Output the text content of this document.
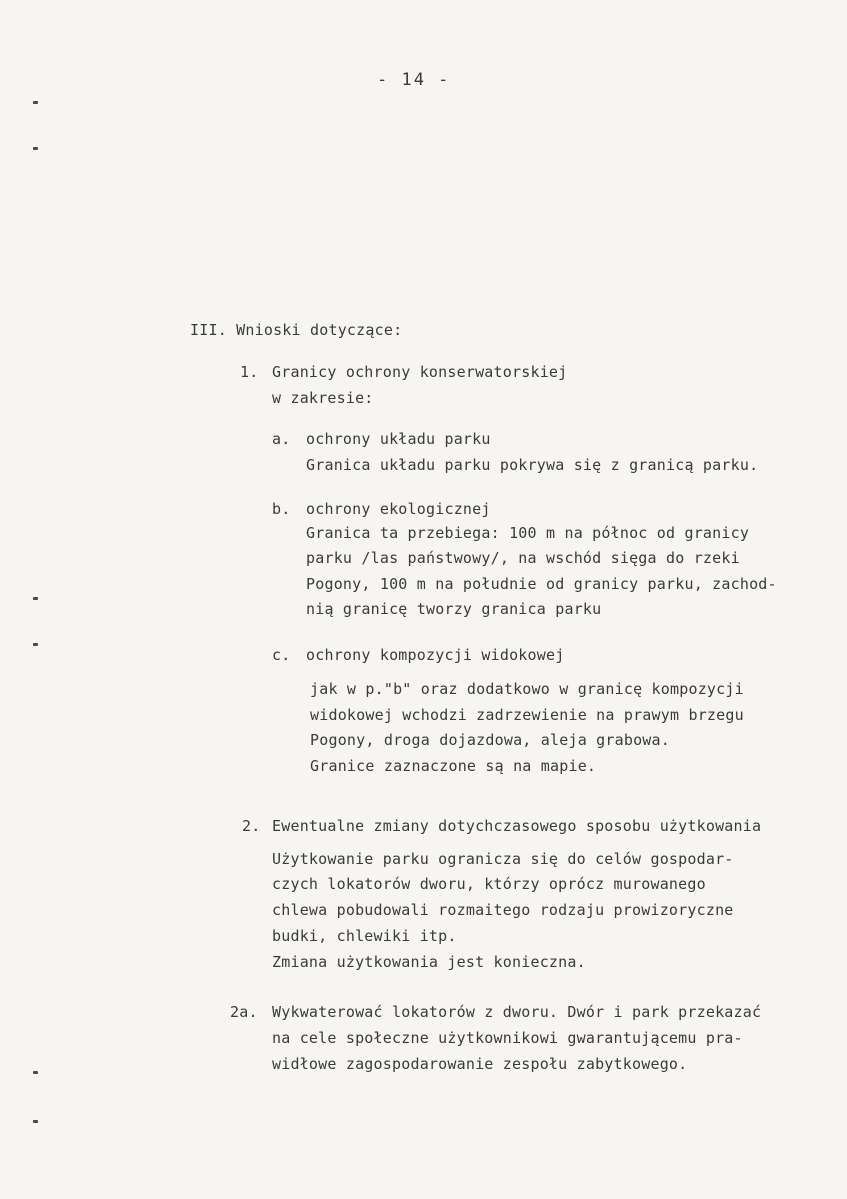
- 14 -
III. Wnioski dotyczące:
1. Granicy ochrony konserwatorskiej
w zakresie:
a. ochrony układu parku
Granica układu parku pokrywa się z granicą parku.
b. ochrony ekologicznej
Granica ta przebiega: 100 m na północ od granicy
parku /las państwowy/, na wschód sięga do rzeki
Pogony, 100 m na południe od granicy parku, zachod-
nią granicę tworzy granica parku
c. ochrony kompozycji widokowej
jak w p."b" oraz dodatkowo w granicę kompozycji
widokowej wchodzi zadrzewienie na prawym brzegu
Pogony, droga dojazdowa, aleja grabowa.
Granice zaznaczone są na mapie.
2. Ewentualne zmiany dotychczasowego sposobu użytkowania
Użytkowanie parku ogranicza się do celów gospodar-
czych lokatorów dworu, którzy oprócz murowanego
chlewa pobudowali rozmaitego rodzaju prowizoryczne
budki, chlewiki itp.
Zmiana użytkowania jest konieczna.
2a. Wykwaterować lokatorów z dworu. Dwór i park przekazać
na cele społeczne użytkownikowi gwarantującemu pra-
widłowe zagospodarowanie zespołu zabytkowego.
